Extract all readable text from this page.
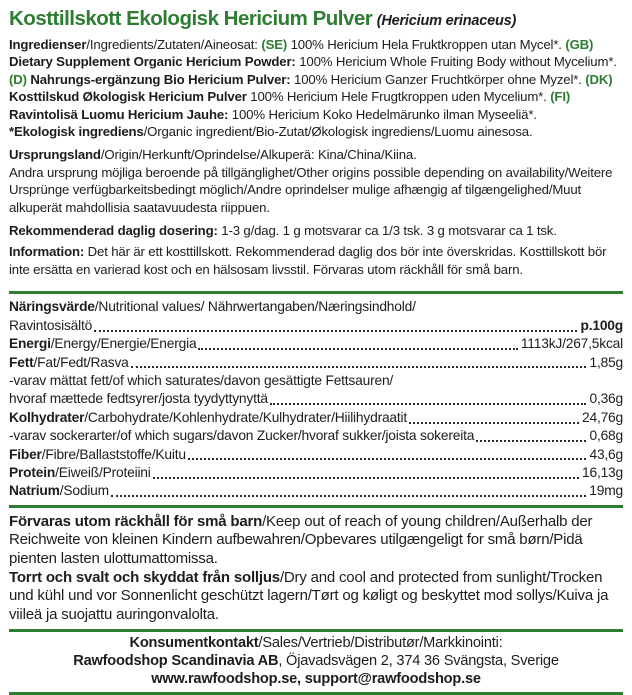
Kosttillskott Ekologisk Hericium Pulver (Hericium erinaceus)

Ingredienser/Ingredients/Zutaten/Aineosat: (SE) 100% Hericium Hela Fruktkroppen utan Mycel*. (GB) Dietary Supplement Organic Hericium Powder: 100% Hericium Whole Fruiting Body without Mycelium*. (D) Nahrungs-ergänzung Bio Hericium Pulver: 100% Hericium Ganzer Fruchtkörper ohne Myzel*. (DK) Kosttilskud Økologisk Hericium Pulver 100% Hericium Hele Frugtkroppen uden Mycelium*. (FI) Ravintolisä Luomu Hericium Jauhe: 100% Hericium Koko Hedelmärunko ilman Myseeliä*.

*Ekologisk ingrediens/Organic ingredient/Bio-Zutat/Økologisk ingrediens/Luomu ainesosa.

Ursprungsland/Origin/Herkunft/Oprindelse/Alkuperä: Kina/China/Kiina.

Andra ursprung möjliga beroende på tillgänglighet/Other origins possible depending on availability/Weitere Ursprünge verfügbarkeitsbedingt möglich/Andre oprindelser mulige afhængig af tilgængelighed/Muut alkuperät mahdollisia saatavuudesta riippuen.

Rekommenderad daglig dosering: 1-3 g/dag. 1 g motsvarar ca 1/3 tsk. 3 g motsvarar ca 1 tsk.

Information: Det här är ett kosttillskott. Rekommenderad daglig dos bör inte överskridas. Kosttillskott bör inte ersätta en varierad kost och en hälsosam livsstil. Förvaras utom räckhåll för små barn.

Näringsvärde/Nutritional values/ Nährwertangaben/Næringsindhold/
Ravintosisältö	p.100g
Energi/Energy/Energie/Energia	1113kJ/267,5kcal
Fett/Fat/Fedt/Rasva	1,85g
-varav mättat fett/of which saturates/davon gesättigte Fettsauren/
hvoraf mættede fedtsyrer/josta tyydyttynyttä	0,36g
Kolhydrater/Carbohydrate/Kohlenhydrate/Kulhydrater/Hiilihydraatit	24,76g
-varav sockerarter/of which sugars/davon Zucker/hvoraf sukker/joista sokereita	0,68g
Fiber/Fibre/Ballaststoffe/Kuitu	43,6g
Protein/Eiweiß/Proteiini	16,13g
Natrium/Sodium	19mg

Förvaras utom räckhåll för små barn/Keep out of reach of young children/Außerhalb der Reichweite von kleinen Kindern aufbewahren/Opbevares utilgængeligt for små børn/Pidä pienten lasten ulottumattomissa.

Torrt och svalt och skyddat från solljus/Dry and cool and protected from sunlight/Trocken und kühl und vor Sonnenlicht geschützt lagern/Tørt og køligt og beskyttet mod sollys/Kuiva ja viileä ja suojattu auringonvalolta.

Konsumentkontakt/Sales/Vertrieb/Distributør/Markkinointi:

Rawfoodshop Scandinavia AB, Öjavadsvägen 2, 374 36 Svängsta, Sverige

www.rawfoodshop.se, support@rawfoodshop.se
